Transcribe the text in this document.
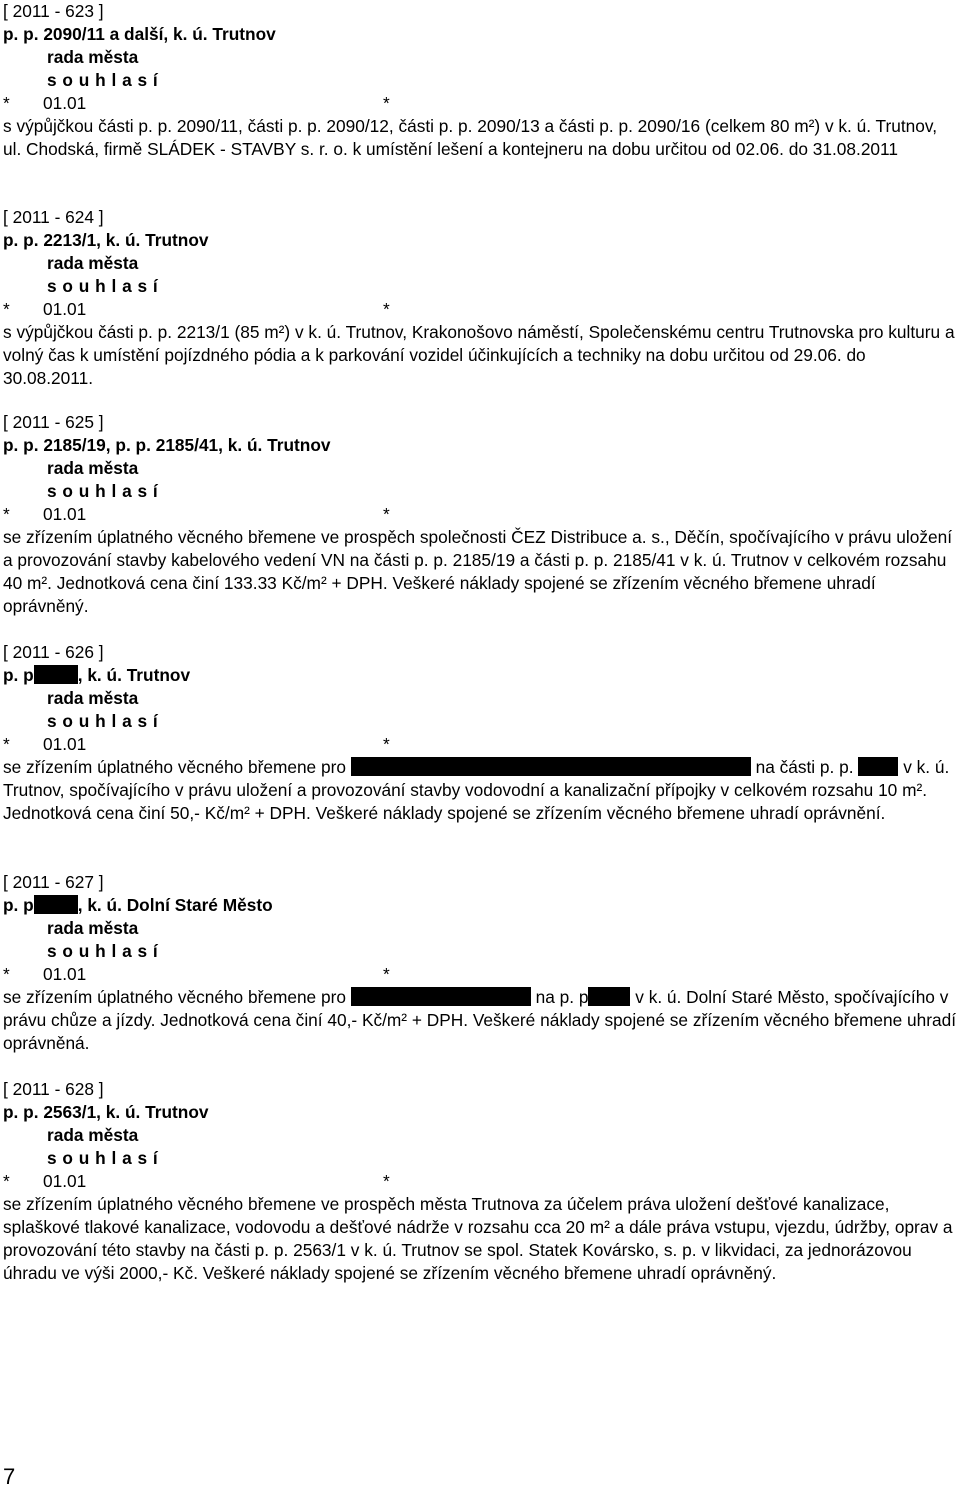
[ 2011 - 623 ]
p. p. 2090/11 a další, k. ú. Trutnov
rada města
s o u h l a s í
* 01.01	*
s výpůjčkou části p. p. 2090/11, části p. p. 2090/12, části p. p. 2090/13 a části p. p. 2090/16 (celkem 80 m²) v k. ú. Trutnov, ul. Chodská, firmě SLÁDEK - STAVBY s. r. o. k umístění lešení a kontejneru na dobu určitou od 02.06. do 31.08.2011
[ 2011 - 624 ]
p. p. 2213/1, k. ú. Trutnov
rada města
s o u h l a s í
* 01.01	*
s výpůjčkou části p. p. 2213/1 (85 m²) v k. ú. Trutnov, Krakonošovo náměstí, Společenskému centru Trutnovska pro kulturu a volný čas k umístění pojízdného pódia a k parkování vozidel účinkujících a techniky na dobu určitou od 29.06. do 30.08.2011.
[ 2011 - 625 ]
p. p. 2185/19, p. p. 2185/41, k. ú. Trutnov
rada města
s o u h l a s í
* 01.01	*
se zřízením úplatného věcného břemene ve prospěch společnosti ČEZ Distribuce a. s., Děčín, spočívajícího v právu uložení a provozování stavby kabelového vedení VN na části p. p. 2185/19 a části p. p. 2185/41 v k. ú. Trutnov v celkovém rozsahu 40 m². Jednotková cena činí 133.33 Kč/m² + DPH. Veškeré náklady spojené se zřízením věcného břemene uhradí oprávněný.
[ 2011 - 626 ]
p. p	, k. ú. Trutnov
rada města
s o u h l a s í
* 01.01	*
se zřízením úplatného věcného břemene pro	na části p. p.	v k. ú. Trutnov, spočívajícího v právu uložení a provozování stavby vodovodní a kanalizační přípojky v celkovém rozsahu 10 m². Jednotková cena činí 50,- Kč/m² + DPH. Veškeré náklady spojené se zřízením věcného břemene uhradí oprávnění.
[ 2011 - 627 ]
p. p	, k. ú. Dolní Staré Město
rada města
s o u h l a s í
* 01.01	*
se zřízením úplatného věcného břemene pro	na p. p	v k. ú. Dolní Staré Město, spočívajícího v právu chůze a jízdy. Jednotková cena činí 40,- Kč/m² + DPH. Veškeré náklady spojené se zřízením věcného břemene uhradí oprávněná.
[ 2011 - 628 ]
p. p. 2563/1, k. ú. Trutnov
rada města
s o u h l a s í
* 01.01	*
se zřízením úplatného věcného břemene ve prospěch města Trutnova za účelem práva uložení dešťové kanalizace, splaškové tlakové kanalizace, vodovodu a dešťové nádrže v rozsahu cca 20 m² a dále práva vstupu, vjezdu, údržby, oprav a provozování této stavby na části p. p. 2563/1 v k. ú. Trutnov se spol. Statek Kovársko, s. p. v likvidaci, za jednorázovou úhradu ve výši 2000,- Kč. Veškeré náklady spojené se zřízením věcného břemene uhradí oprávněný.
7
